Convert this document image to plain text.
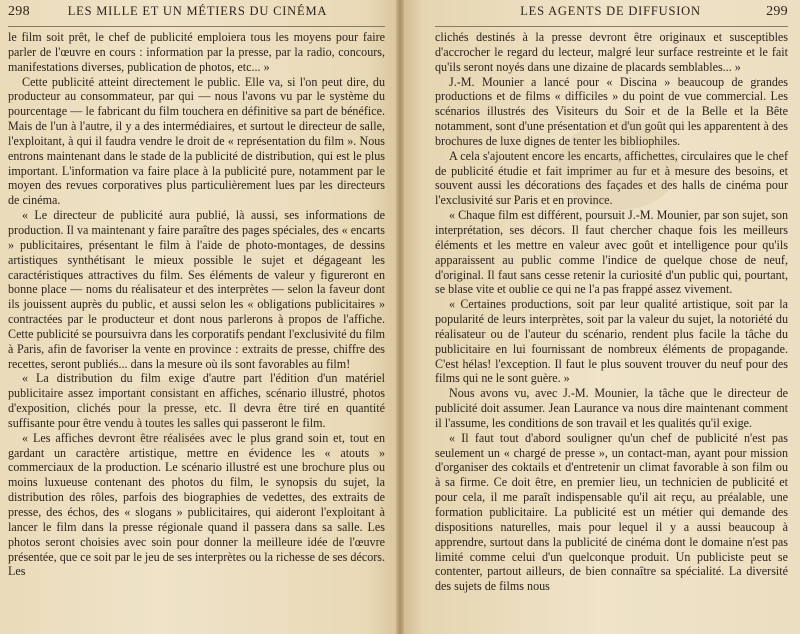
298	LES MILLE ET UN MÉTIERS DU CINÉMA

le film soit prêt, le chef de publicité emploiera tous les moyens pour faire parler de l'œuvre en cours : information par la presse, par la radio, concours, manifestations diverses, publication de photos, etc... »

Cette publicité atteint directement le public. Elle va, si l'on peut dire, du producteur au consommateur, par qui — nous l'avons vu par le système du pourcentage — le fabricant du film touchera en définitive sa part de bénéfice. Mais de l'un à l'autre, il y a des intermédiaires, et surtout le directeur de salle, l'exploitant, à qui il faudra vendre le droit de « représentation du film ». Nous entrons maintenant dans le stade de la publicité de distribution, qui est le plus important. L'information va faire place à la publicité pure, notamment par le moyen des revues corporatives plus particulièrement lues par les directeurs de cinéma.

« Le directeur de publicité aura publié, là aussi, ses informations de production. Il va maintenant y faire paraître des pages spéciales, des « encarts » publicitaires, présentant le film à l'aide de photo-montages, de dessins artistiques synthétisant le mieux possible le sujet et dégageant les caractéristiques attractives du film. Ses éléments de valeur y figureront en bonne place — noms du réalisateur et des interprètes — selon la faveur dont ils jouissent auprès du public, et aussi selon les « obligations publicitaires » contractées par le producteur et dont nous parlerons à propos de l'affiche. Cette publicité se poursuivra dans les corporatifs pendant l'exclusivité du film à Paris, afin de favoriser la vente en province : extraits de presse, chiffre des recettes, seront publiés... dans la mesure où ils sont favorables au film!

« La distribution du film exige d'autre part l'édition d'un matériel publicitaire assez important consistant en affiches, scénario illustré, photos d'exposition, clichés pour la presse, etc. Il devra être tiré en quantité suffisante pour être vendu à toutes les salles qui passeront le film.

« Les affiches devront être réalisées avec le plus grand soin et, tout en gardant un caractère artistique, mettre en évidence les « atouts » commerciaux de la production. Le scénario illustré est une brochure plus ou moins luxueuse contenant des photos du film, le synopsis du sujet, la distribution des rôles, parfois des biographies de vedettes, des extraits de presse, des échos, des « slogans » publicitaires, qui aideront l'exploitant à lancer le film dans la presse régionale quand il passera dans sa salle. Les photos seront choisies avec soin pour donner la meilleure idée de l'œuvre présentée, que ce soit par le jeu de ses interprètes ou la richesse de ses décors. Les

LES AGENTS DE DIFFUSION	299

clichés destinés à la presse devront être originaux et susceptibles d'accrocher le regard du lecteur, malgré leur surface restreinte et le fait qu'ils seront noyés dans une dizaine de placards semblables... »

J.-M. Mounier a lancé pour « Discina » beaucoup de grandes productions et de films « difficiles » du point de vue commercial. Les scénarios illustrés des Visiteurs du Soir et de la Belle et la Bête notamment, sont d'une présentation et d'un goût qui les apparentent à des brochures de luxe dignes de tenter les bibliophiles.

A cela s'ajoutent encore les encarts, affichettes, circulaires que le chef de publicité étudie et fait imprimer au fur et à mesure des besoins, et souvent aussi les décorations des façades et des halls de cinéma pour l'exclusivité sur Paris et en province.

« Chaque film est différent, poursuit J.-M. Mounier, par son sujet, son interprétation, ses décors. Il faut chercher chaque fois les meilleurs éléments et les mettre en valeur avec goût et intelligence pour qu'ils apparaissent au public comme l'indice de quelque chose de neuf, d'original. Il faut sans cesse retenir la curiosité d'un public qui, pourtant, se blase vite et oublie ce qui ne l'a pas frappé assez vivement.

« Certaines productions, soit par leur qualité artistique, soit par la popularité de leurs interprètes, soit par la valeur du sujet, la notoriété du réalisateur ou de l'auteur du scénario, rendent plus facile la tâche du publicitaire en lui fournissant de nombreux éléments de propagande. C'est hélas! l'exception. Il faut le plus souvent trouver du neuf pour des films qui ne le sont guère. »

Nous avons vu, avec J.-M. Mounier, la tâche que le directeur de publicité doit assumer. Jean Laurance va nous dire maintenant comment il l'assume, les conditions de son travail et les qualités qu'il exige.

« Il faut tout d'abord souligner qu'un chef de publicité n'est pas seulement un « chargé de presse », un contact-man, ayant pour mission d'organiser des coktails et d'entretenir un climat favorable à son film ou à sa firme. Ce doit être, en premier lieu, un technicien de publicité et pour cela, il me paraît indispensable qu'il ait reçu, au préalable, une formation publicitaire. La publicité est un métier qui demande des dispositions naturelles, mais pour lequel il y a aussi beaucoup à apprendre, surtout dans la publicité de cinéma dont le domaine n'est pas limité comme celui d'un quelconque produit. Un publiciste peut se contenter, partout ailleurs, de bien connaître sa spécialité. La diversité des sujets de films nous
